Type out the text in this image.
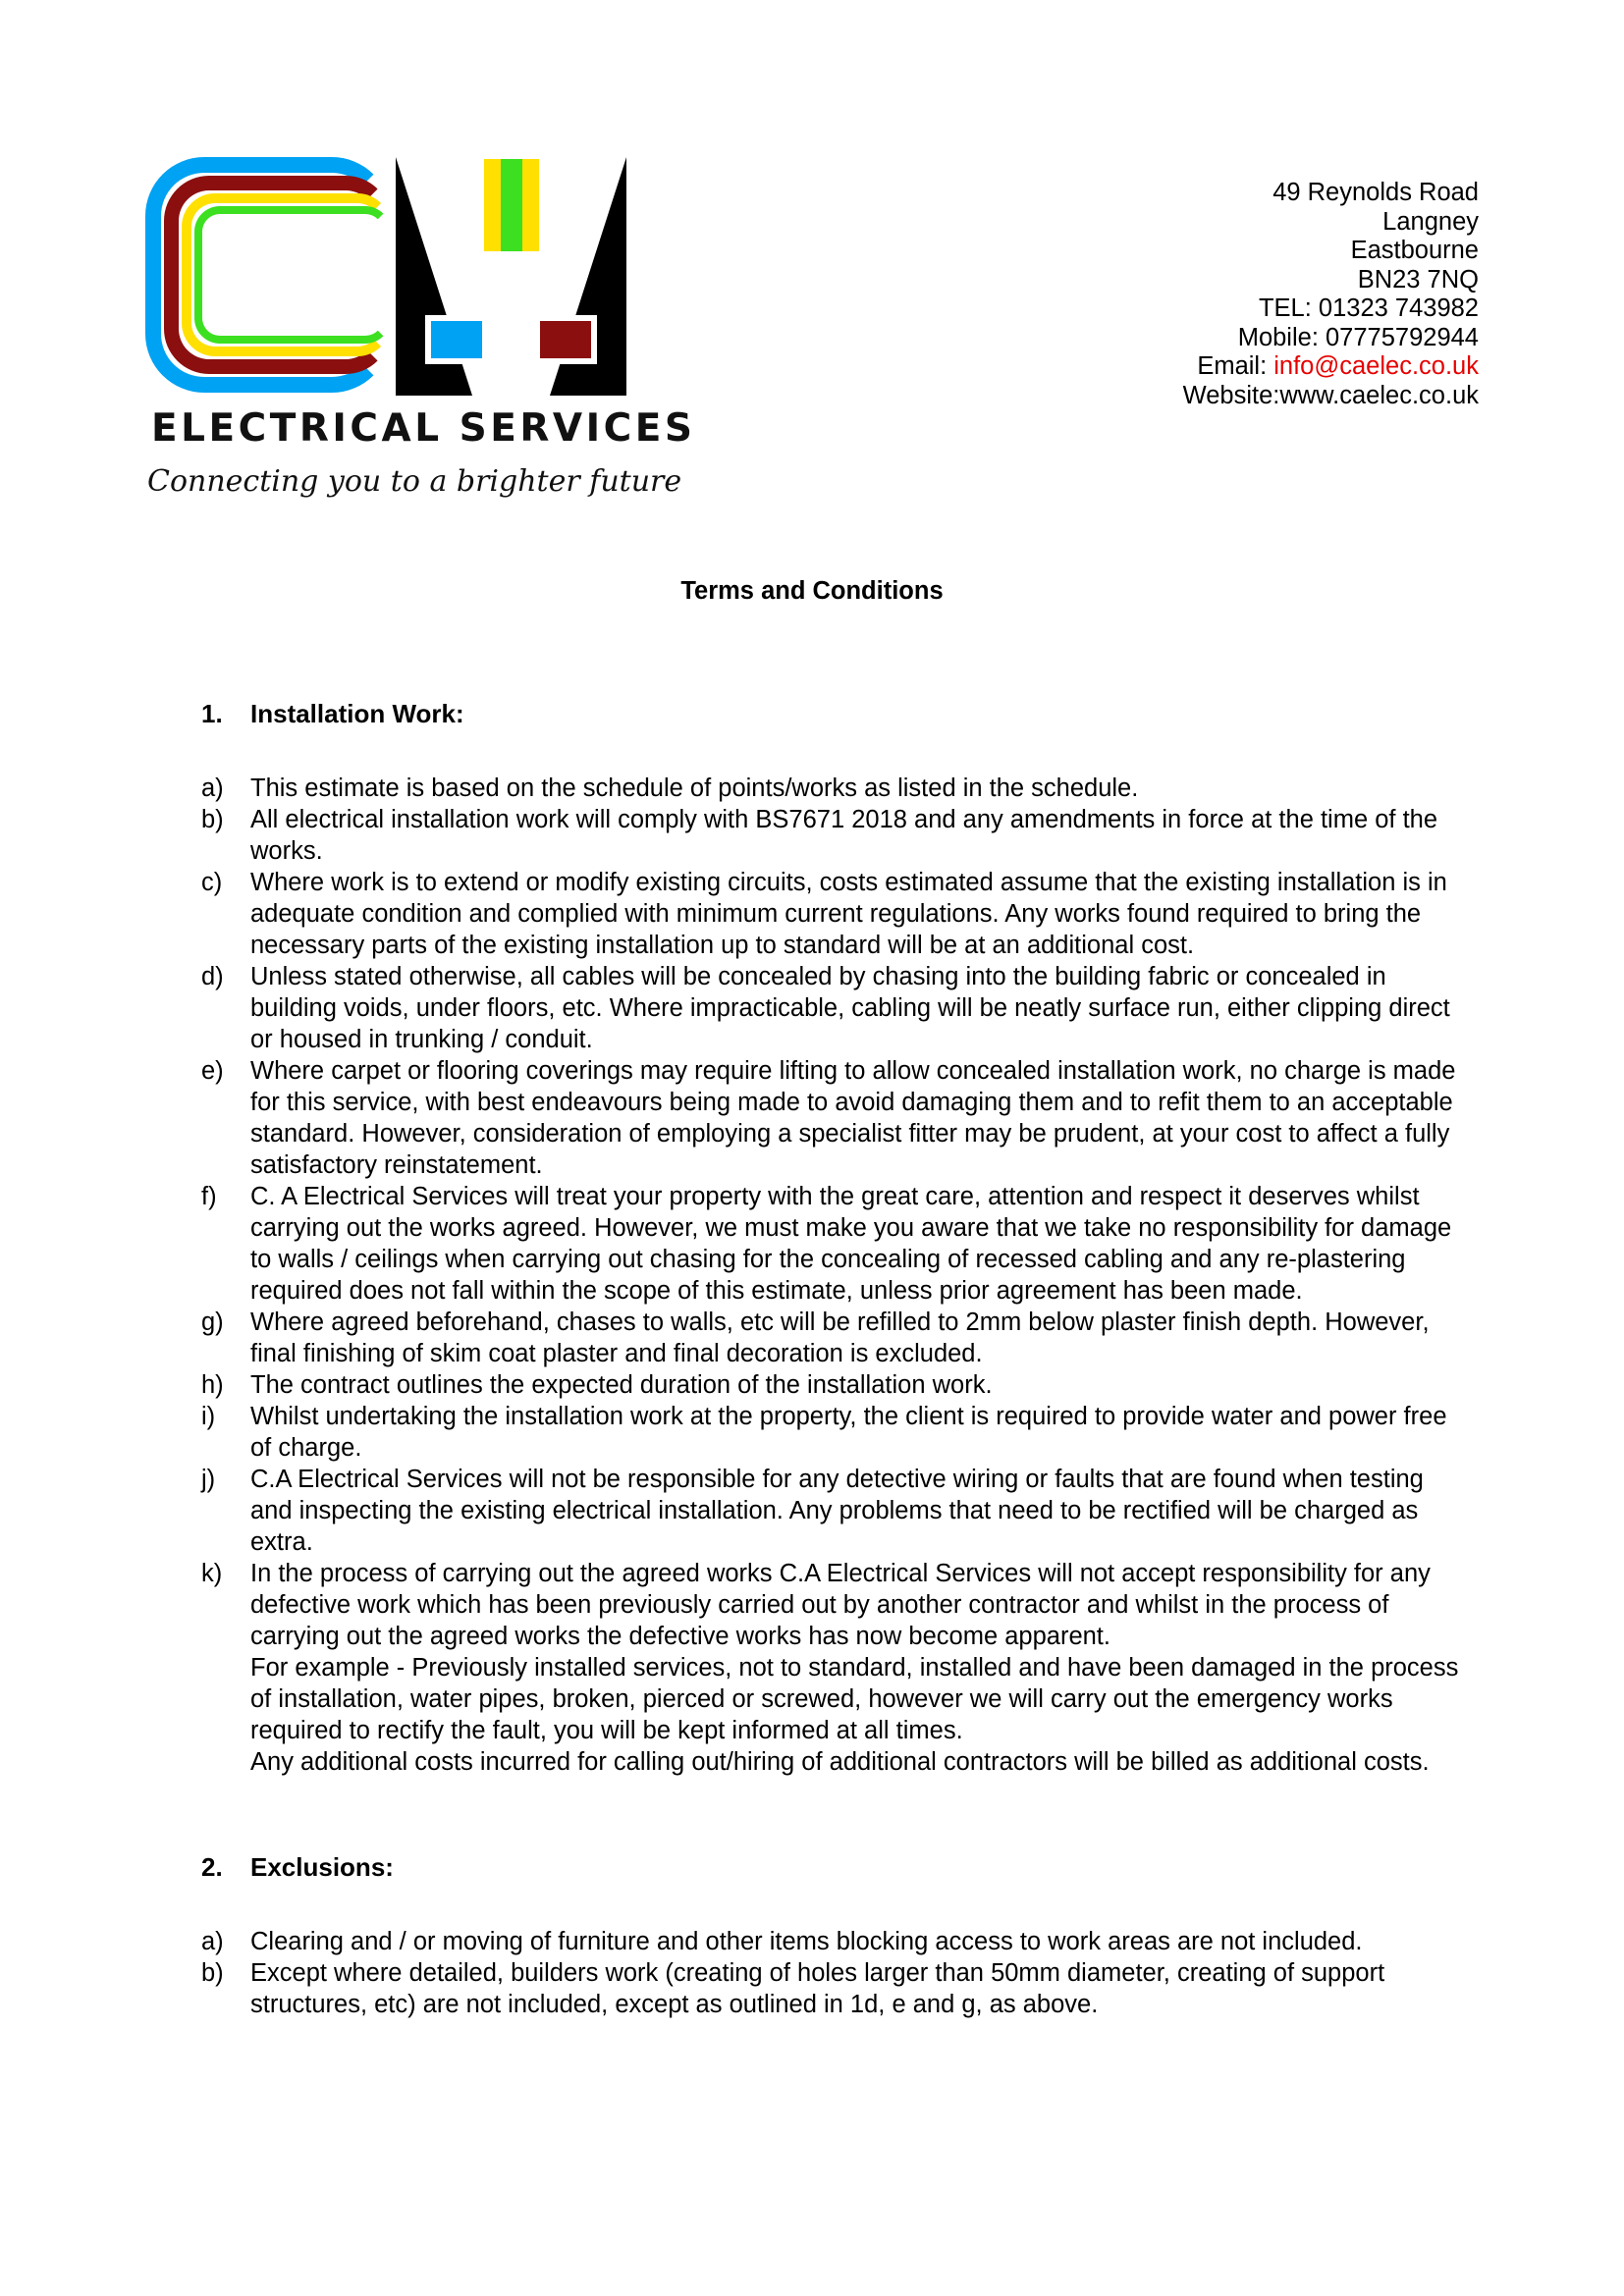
ELECTRICAL SERVICES
Connecting you to a brighter future
49 Reynolds Road
Langney
Eastbourne
BN23 7NQ
TEL: 01323 743982
Mobile: 07775792944
Email: info@caelec.co.uk
Website:www.caelec.co.uk
Terms and Conditions
1.	Installation Work:
a)	This estimate is based on the schedule of points/works as listed in the schedule.

b)	All electrical installation work will comply with BS7671 2018 and any amendments in force at the time of the works.

c)	Where work is to extend or modify existing circuits, costs estimated assume that the existing installation is in adequate condition and complied with minimum current regulations. Any works found required to bring the necessary parts of the existing installation up to standard will be at an additional cost.

d)	Unless stated otherwise, all cables will be concealed by chasing into the building fabric or concealed in building voids, under floors, etc. Where impracticable, cabling will be neatly surface run, either clipping direct or housed in trunking / conduit.

e)	Where carpet or flooring coverings may require lifting to allow concealed installation work, no charge is made for this service, with best endeavours being made to avoid damaging them and to refit them to an acceptable standard. However, consideration of employing a specialist fitter may be prudent, at your cost to affect a fully satisfactory reinstatement.

f)	C. A Electrical Services will treat your property with the great care, attention and respect it deserves whilst carrying out the works agreed. However, we must make you aware that we take no responsibility for damage to walls / ceilings when carrying out chasing for the concealing of recessed cabling and any re-plastering required does not fall within the scope of this estimate, unless prior agreement has been made.

g)	Where agreed beforehand, chases to walls, etc will be refilled to 2mm below plaster finish depth. However, final finishing of skim coat plaster and final decoration is excluded.

h)	The contract outlines the expected duration of the installation work.

i)	Whilst undertaking the installation work at the property, the client is required to provide water and power free of charge.

j)	C.A Electrical Services will not be responsible for any detective wiring or faults that are found when testing and inspecting the existing electrical installation. Any problems that need to be rectified will be charged as extra.

k)	In the process of carrying out the agreed works C.A Electrical Services will not accept responsibility for any defective work which has been previously carried out by another contractor and whilst in the process of carrying out the agreed works the defective works has now become apparent.

For example - Previously installed services, not to standard, installed and have been damaged in the process of installation, water pipes, broken, pierced or screwed, however we will carry out the emergency works required to rectify the fault, you will be kept informed at all times.

Any additional costs incurred for calling out/hiring of additional contractors will be billed as additional costs.

2.	Exclusions:
a)	Clearing and / or moving of furniture and other items blocking access to work areas are not included.

b)	Except where detailed, builders work (creating of holes larger than 50mm diameter, creating of support structures, etc) are not included, except as outlined in 1d, e and g, as above.
